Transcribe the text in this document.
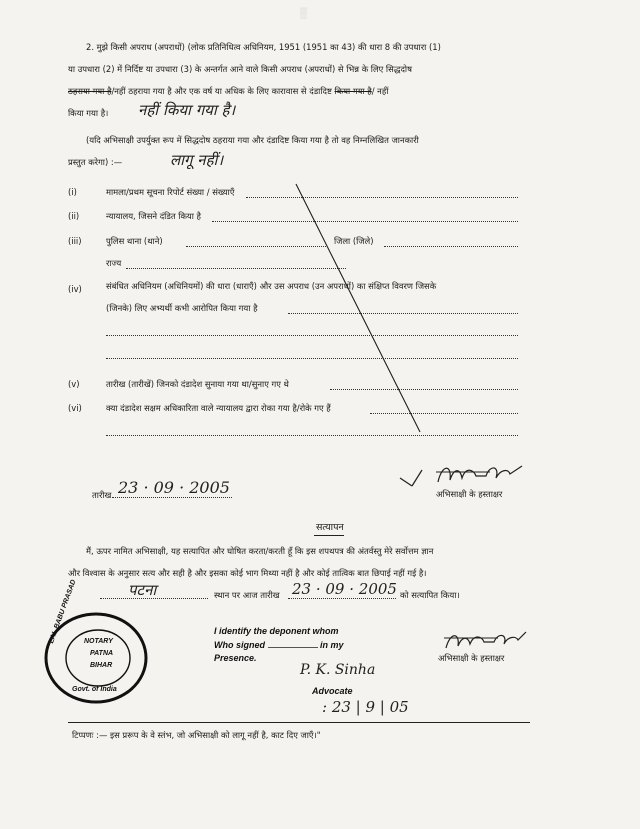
▒
2. मुझे किसी अपराध (अपराधों) (लोक प्रतिनिधित्व अधिनियम, 1951 (1951 का 43) की धारा 8 की उपधारा (1)
या उपधारा (2) में निर्दिष्ट या उपधारा (3) के अन्तर्गत आने वाले किसी अपराध (अपराधों) से भिन्न के लिए सिद्धदोष
ठहराया गया है/नहीं ठहराया गया है और एक वर्ष या अधिक के लिए कारावास से दंडादिष्ट किया गया है/ नहीं
किया गया है। नहीं किया गया है।
(यदि अभिसाक्षी उपर्युक्त रूप में सिद्धदोष ठहराया गया और दंडादिष्ट किया गया है तो वह निम्नलिखित जानकारी
प्रस्तुत करेगा) :—	लागू नहीं।
(i)	मामला/प्रथम सूचना रिपोर्ट संख्या / संख्याएँ
(ii)	न्यायालय, जिसने दंडित किया है
(iii)	पुलिस थाना (थाने)	जिला (जिले)
राज्य
(iv)	संबंधित अधिनियम (अधिनियमों) की धारा (धाराएँ) और उस अपराध (उन अपराधों) का संक्षिप्त विवरण जिसके
(जिनके) लिए अभ्यर्थी कभी आरोपित किया गया है
(v)	तारीख (तारीखें) जिनको दंडादेश सुनाया गया था/सुनाए गए थे
(vi)	क्या दंडादेश सक्षम अधिकारिता वाले न्यायालय द्वारा रोका गया है/रोके गए हैं
तारीख 23 · 09 · 2005	अभिसाक्षी के हस्ताक्षर
सत्यापन
मैं, ऊपर नामित अभिसाक्षी, यह सत्यापित और घोषित करता/करती हूँ कि इस शपथपत्र की अंतर्वस्तु मेरे सर्वोत्तम ज्ञान
और विश्वास के अनुसार सत्य और सही है और इसका कोई भाग मिथ्या नहीं है और कोई तात्विक बात छिपाई नहीं गई है।
पटना	स्थान पर आज तारीख 23 · 09 · 2005 को सत्यापित किया।
LAL BABU PRASAD NOTARY
PATNA
BIHAR
Govt. of India
I identify the deponent whom
Who signed	in my
Presence.
P. K. Sinha
Advocate
: 23 | 9 | 05
अभिसाक्षी के हस्ताक्षर
टिप्पणः :— इस प्ररूप के वे स्तंभ, जो अभिसाक्षी को लागू नहीं है, काट दिए जाएँ।"
